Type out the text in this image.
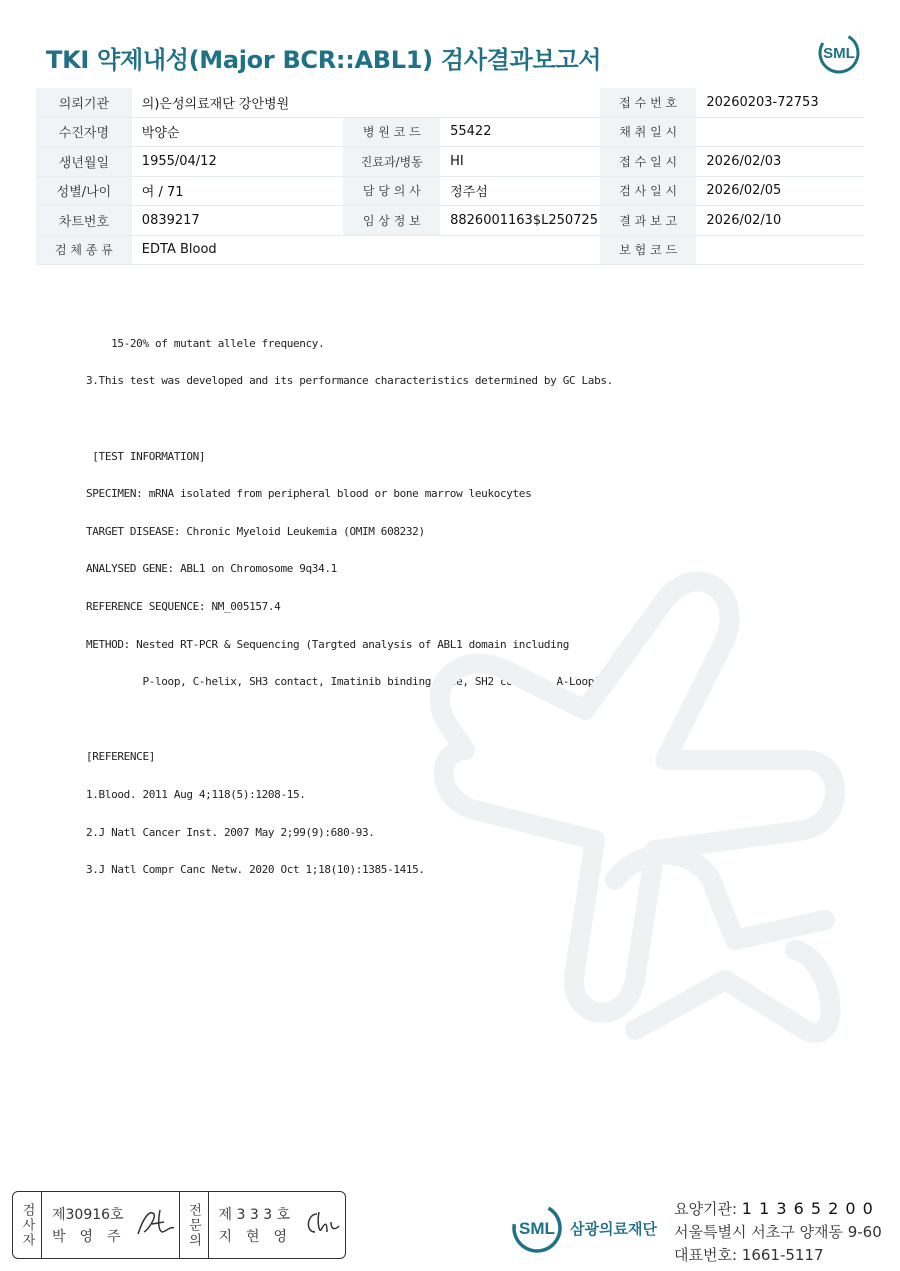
TKI 약제내성(Major BCR::ABL1) 검사결과보고서	SML
의뢰기관	의)은성의료재단 강안병원			접 수 번 호	20260203-72753
수진자명	박양순	병 원 코 드	55422	채 취 일 시	
생년월일	1955/04/12	진료과/병동	HI	접 수 일 시	2026/02/03
성별/나이	여 / 71	담 당 의 사	정주섬	검 사 일 시	2026/02/05
차트번호	0839217	임 상 정 보	8826001163$L250725	결 과 보 고	2026/02/10
검 체 종 류	EDTA Blood			보 험 코 드	

15-20% of mutant allele frequency.

3.This test was developed and its performance characteristics determined by GC Labs.

[TEST INFORMATION]

SPECIMEN: mRNA isolated from peripheral blood or bone marrow leukocytes

TARGET DISEASE: Chronic Myeloid Leukemia (OMIM 608232)

ANALYSED GENE: ABL1 on Chromosome 9q34.1

REFERENCE SEQUENCE: NM_005157.4

METHOD: Nested RT-PCR & Sequencing (Targted analysis of ABL1 domain including

P-loop, C-helix, SH3 contact, Imatinib binding site, SH2 contact, A-Loop)

[REFERENCE]

1.Blood. 2011 Aug 4;118(5):1208-15.

2.J Natl Cancer Inst. 2007 May 2;99(9):680-93.

3.J Natl Compr Canc Netw. 2020 Oct 1;18(10):1385-1415.

검사자 제30916호
박영주	전문의 제 3 3 3 호
지현영	SML 삼광의료재단
요양기관: 1 1 3 6 5 2 0 0
서울특별시 서초구 양재동 9-60
대표번호: 1661-5117
